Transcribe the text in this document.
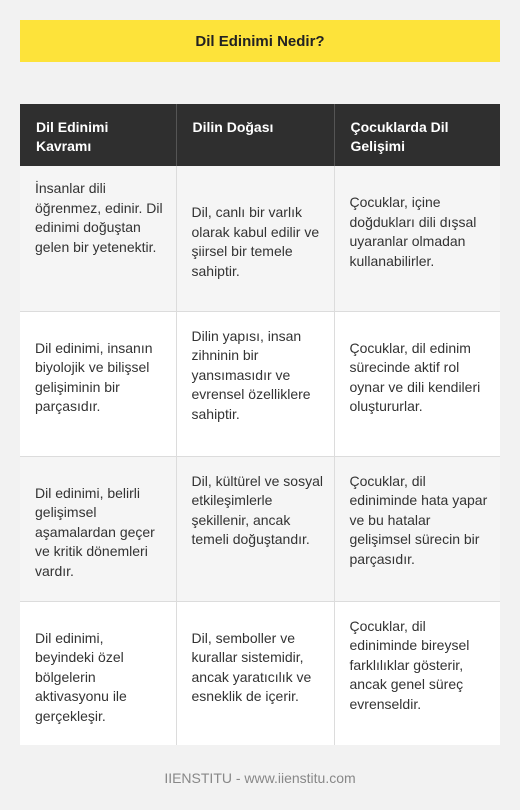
Dil Edinimi Nedir?
Dil Edinimi Kavramı	Dilin Doğası	Çocuklarda Dil Gelişimi

İnsanlar dili öğrenmez, edinir. Dil edinimi doğuştan gelen bir yetenektir.	Dil, canlı bir varlık olarak kabul edilir ve şiirsel bir temele sahiptir.	Çocuklar, içine doğdukları dili dışsal uyaranlar olmadan kullanabilirler.

Dil edinimi, insanın biyolojik ve bilişsel gelişiminin bir parçasıdır.	Dilin yapısı, insan zihninin bir yansımasıdır ve evrensel özelliklere sahiptir.	Çocuklar, dil edinim sürecinde aktif rol oynar ve dili kendileri oluştururlar.

Dil edinimi, belirli gelişimsel aşamalardan geçer ve kritik dönemleri vardır.	Dil, kültürel ve sosyal etkileşimlerle şekillenir, ancak temeli doğuştandır.	Çocuklar, dil ediniminde hata yapar ve bu hatalar gelişimsel sürecin bir parçasıdır.

Dil edinimi, beyindeki özel bölgelerin aktivasyonu ile gerçekleşir.	Dil, semboller ve kurallar sistemidir, ancak yaratıcılık ve esneklik de içerir.	Çocuklar, dil ediniminde bireysel farklılıklar gösterir, ancak genel süreç evrenseldir.
IIENSTITU - www.iienstitu.com
